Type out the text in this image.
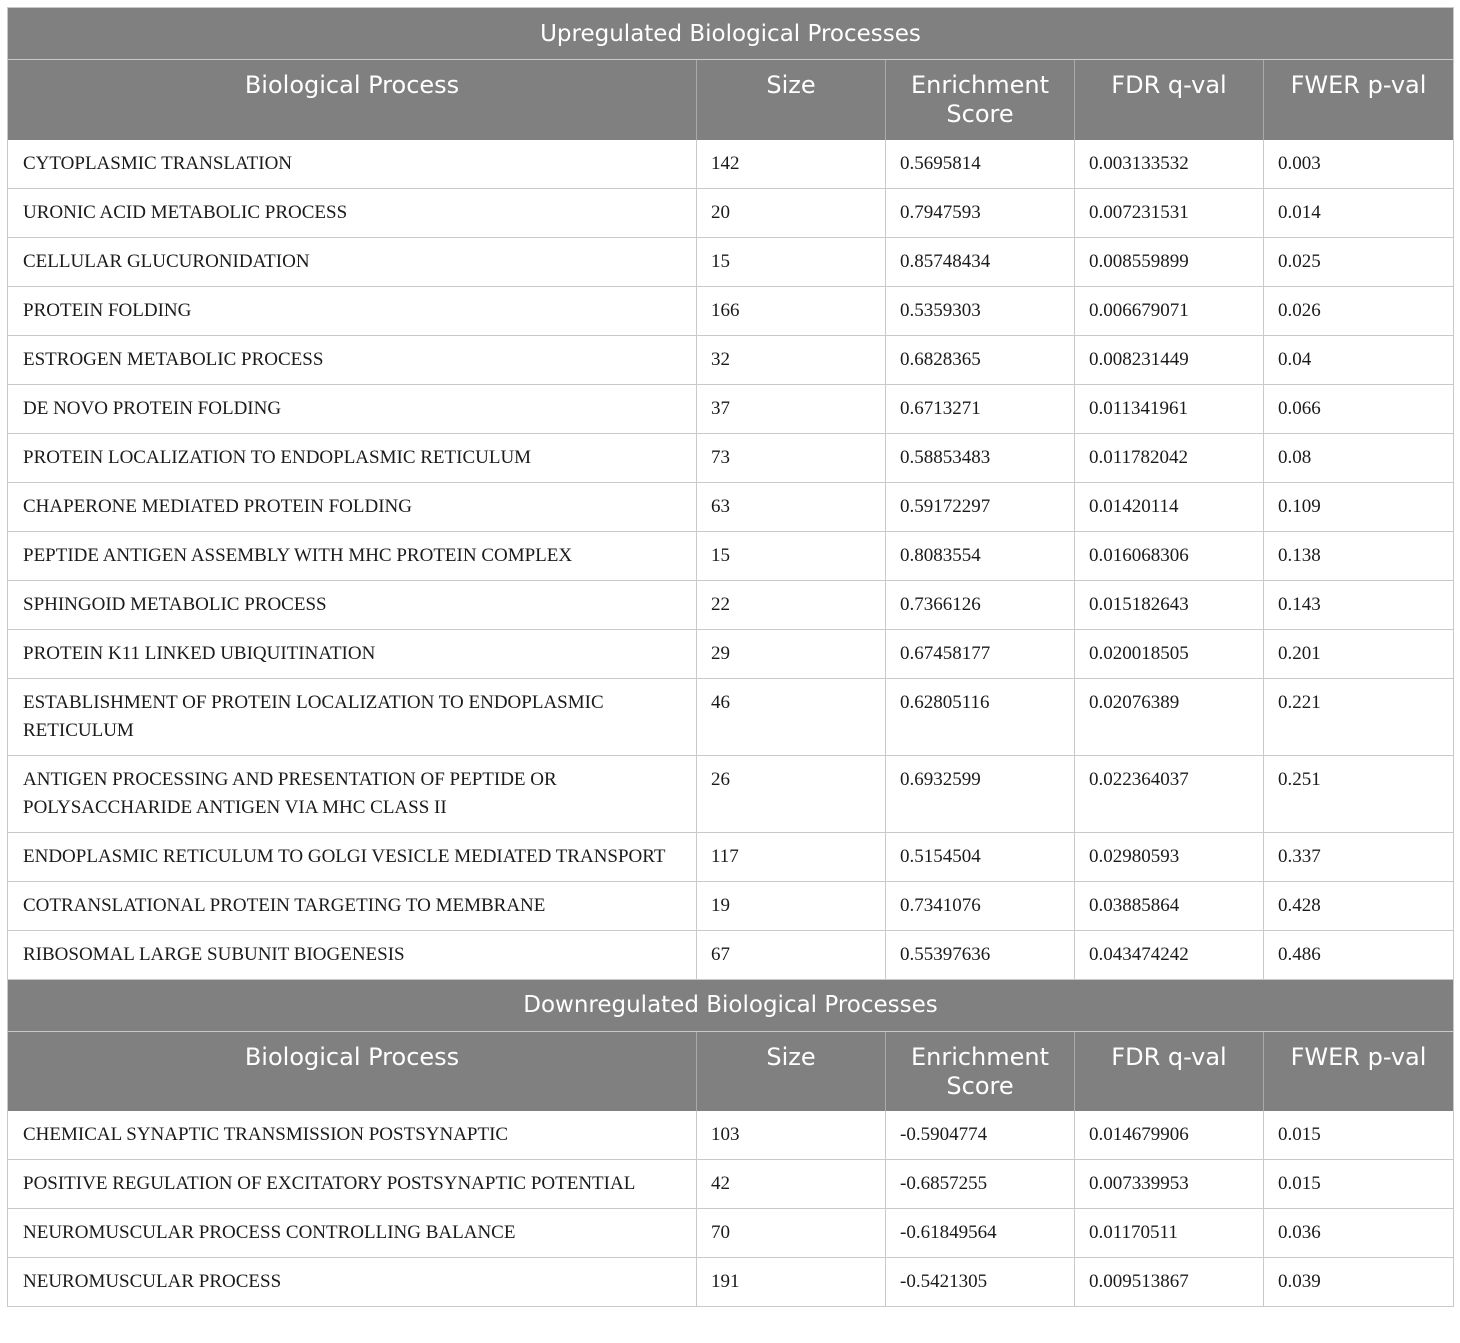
Upregulated Biological Processes				
Biological Process	Size	Enrichment Score	FDR q-val	FWER p-val
CYTOPLASMIC TRANSLATION	142	0.5695814	0.003133532	0.003
URONIC ACID METABOLIC PROCESS	20	0.7947593	0.007231531	0.014
CELLULAR GLUCURONIDATION	15	0.85748434	0.008559899	0.025
PROTEIN FOLDING	166	0.5359303	0.006679071	0.026
ESTROGEN METABOLIC PROCESS	32	0.6828365	0.008231449	0.04
DE NOVO PROTEIN FOLDING	37	0.6713271	0.011341961	0.066
PROTEIN LOCALIZATION TO ENDOPLASMIC RETICULUM	73	0.58853483	0.011782042	0.08
CHAPERONE MEDIATED PROTEIN FOLDING	63	0.59172297	0.01420114	0.109
PEPTIDE ANTIGEN ASSEMBLY WITH MHC PROTEIN COMPLEX	15	0.8083554	0.016068306	0.138
SPHINGOID METABOLIC PROCESS	22	0.7366126	0.015182643	0.143
PROTEIN K11 LINKED UBIQUITINATION	29	0.67458177	0.020018505	0.201
ESTABLISHMENT OF PROTEIN LOCALIZATION TO ENDOPLASMIC RETICULUM	46	0.62805116	0.02076389	0.221
ANTIGEN PROCESSING AND PRESENTATION OF PEPTIDE OR POLYSACCHARIDE ANTIGEN VIA MHC CLASS II	26	0.6932599	0.022364037	0.251
ENDOPLASMIC RETICULUM TO GOLGI VESICLE MEDIATED TRANSPORT	117	0.5154504	0.02980593	0.337
COTRANSLATIONAL PROTEIN TARGETING TO MEMBRANE	19	0.7341076	0.03885864	0.428
RIBOSOMAL LARGE SUBUNIT BIOGENESIS	67	0.55397636	0.043474242	0.486
Downregulated Biological Processes				
Biological Process	Size	Enrichment Score	FDR q-val	FWER p-val
CHEMICAL SYNAPTIC TRANSMISSION POSTSYNAPTIC	103	-0.5904774	0.014679906	0.015
POSITIVE REGULATION OF EXCITATORY POSTSYNAPTIC POTENTIAL	42	-0.6857255	0.007339953	0.015
NEUROMUSCULAR PROCESS CONTROLLING BALANCE	70	-0.61849564	0.01170511	0.036
NEUROMUSCULAR PROCESS	191	-0.5421305	0.009513867	0.039
